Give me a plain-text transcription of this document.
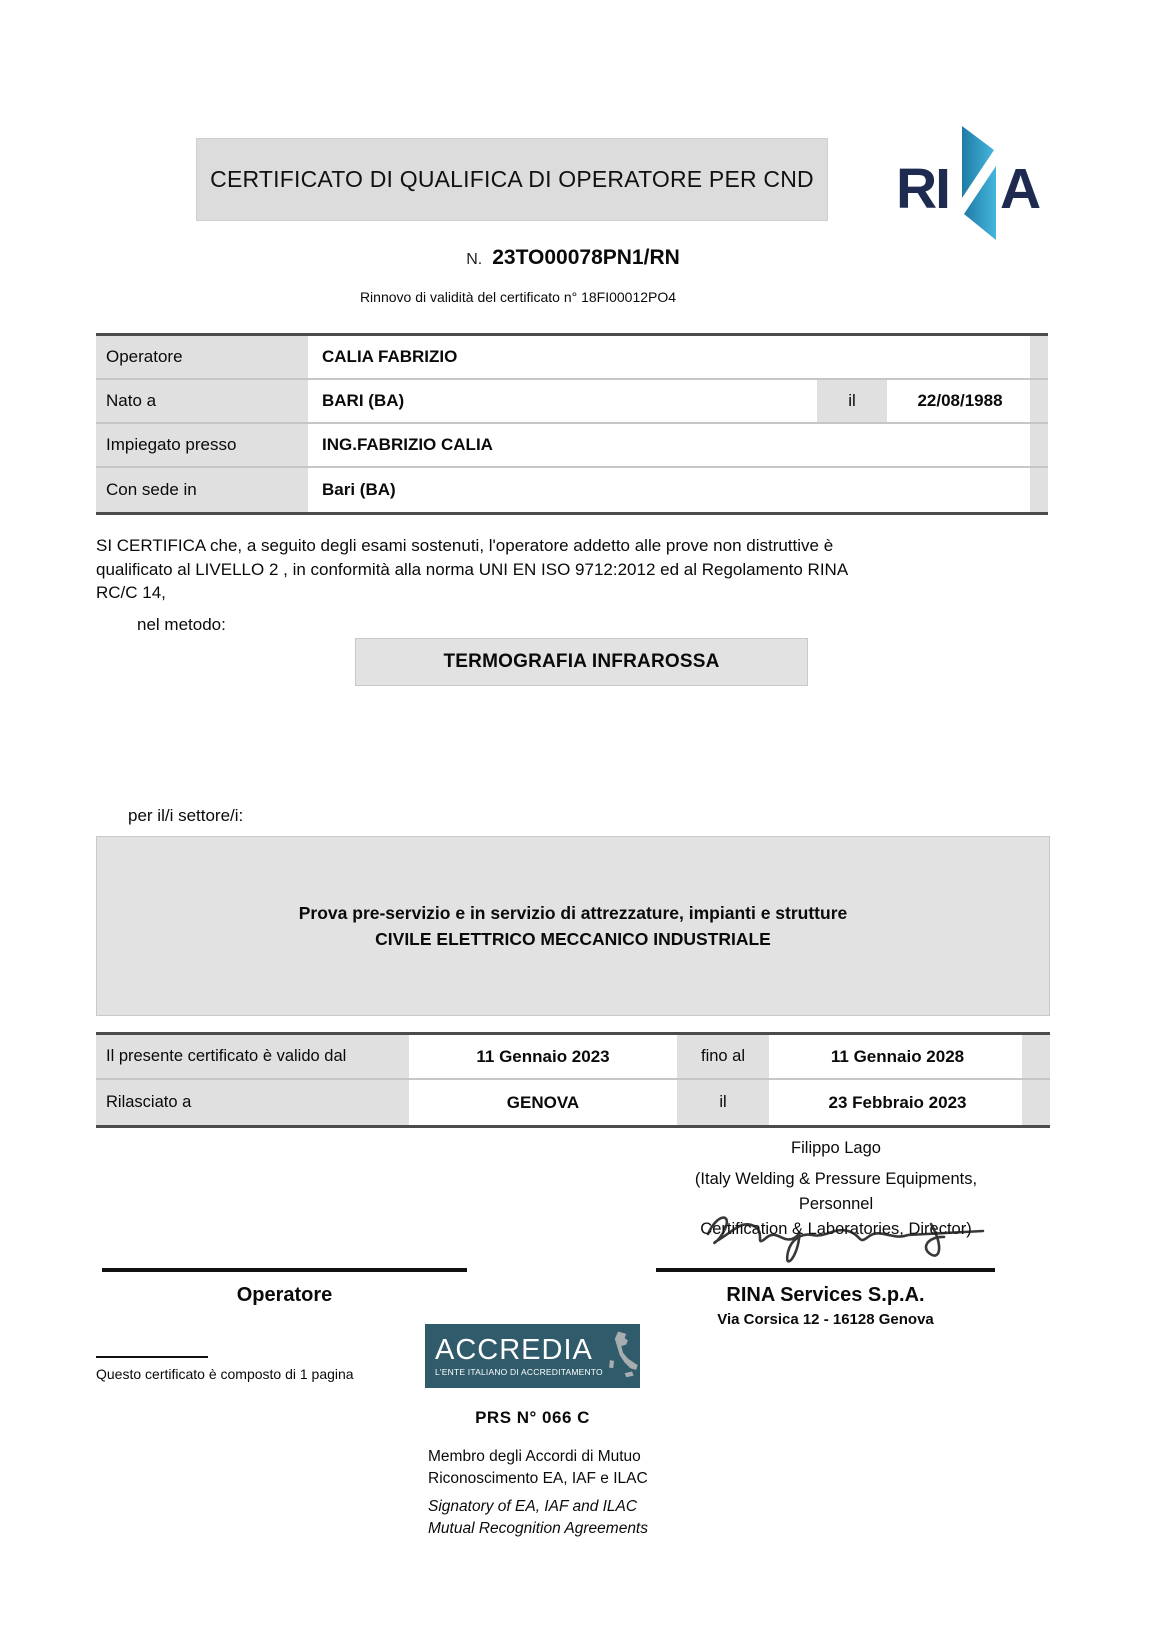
CERTIFICATO DI QUALIFICA DI OPERATORE PER CND RI A
N. 23TO00078PN1/RN
Rinnovo di validità del certificato n° 18FI00012PO4
Operatore	CALIA FABRIZIO
Nato a	BARI (BA)	il	22/08/1988
Impiegato presso	ING.FABRIZIO CALIA
Con sede in	Bari (BA)
SI CERTIFICA che, a seguito degli esami sostenuti, l'operatore addetto alle prove non distruttive è
qualificato al LIVELLO 2 , in conformità alla norma UNI EN ISO 9712:2012 ed al Regolamento RINA
RC/C 14,
nel metodo:
TERMOGRAFIA INFRAROSSA
per il/i settore/i:
Prova pre-servizio e in servizio di attrezzature, impianti e strutture
CIVILE ELETTRICO MECCANICO INDUSTRIALE
Il presente certificato è valido dal	11 Gennaio 2023	fino al	11 Gennaio 2028
Rilasciato a	GENOVA	il	23 Febbraio 2023
Filippo Lago
(Italy Welding & Pressure Equipments,
Personnel
Certification & Laboratories, Director)
Operatore	RINA Services S.p.A.
Via Corsica 12 - 16128 Genova
Questo certificato è composto di 1 pagina
ACCREDIA
L'ENTE ITALIANO DI ACCREDITAMENTO
PRS N° 066 C
Membro degli Accordi di Mutuo
Riconoscimento EA, IAF e ILAC
Signatory of EA, IAF and ILAC
Mutual Recognition Agreements
